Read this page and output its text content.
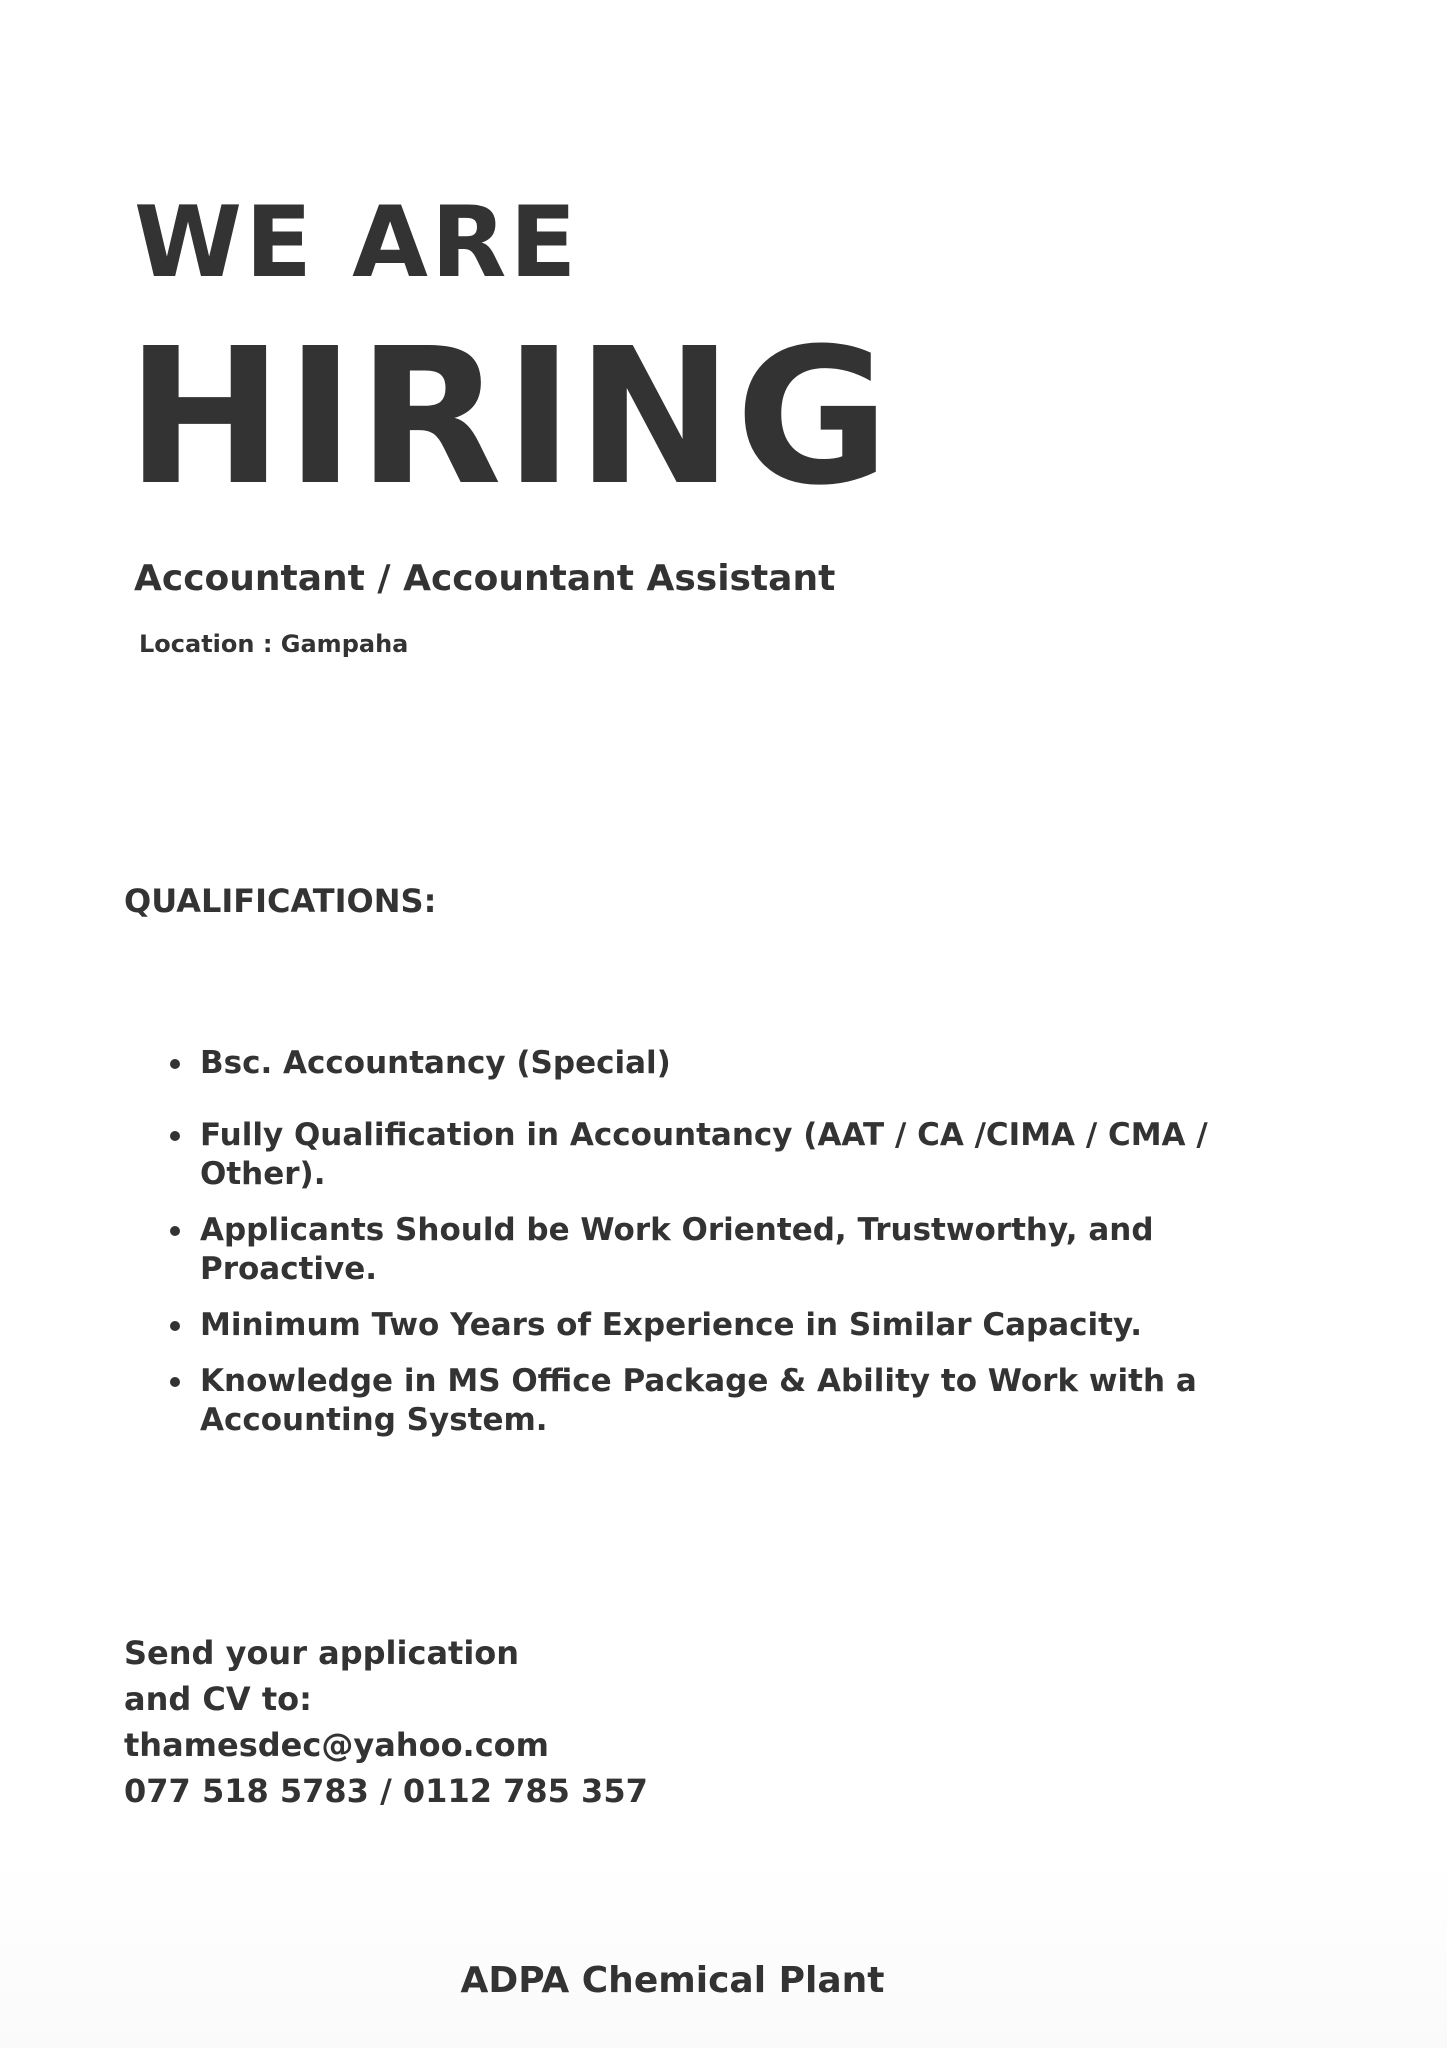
WE ARE
HIRING
Accountant / Accountant Assistant
Location : Gampaha
QUALIFICATIONS:
Bsc. Accountancy (Special)
Fully Qualification in Accountancy (AAT / CA /CIMA / CMA / Other).
Applicants Should be Work Oriented, Trustworthy, and Proactive.
Minimum Two Years of Experience in Similar Capacity.
Knowledge in MS Office Package & Ability to Work with a Accounting System.
Send your application
and CV to:
thamesdec@yahoo.com
077 518 5783 / 0112 785 357
ADPA Chemical Plant
